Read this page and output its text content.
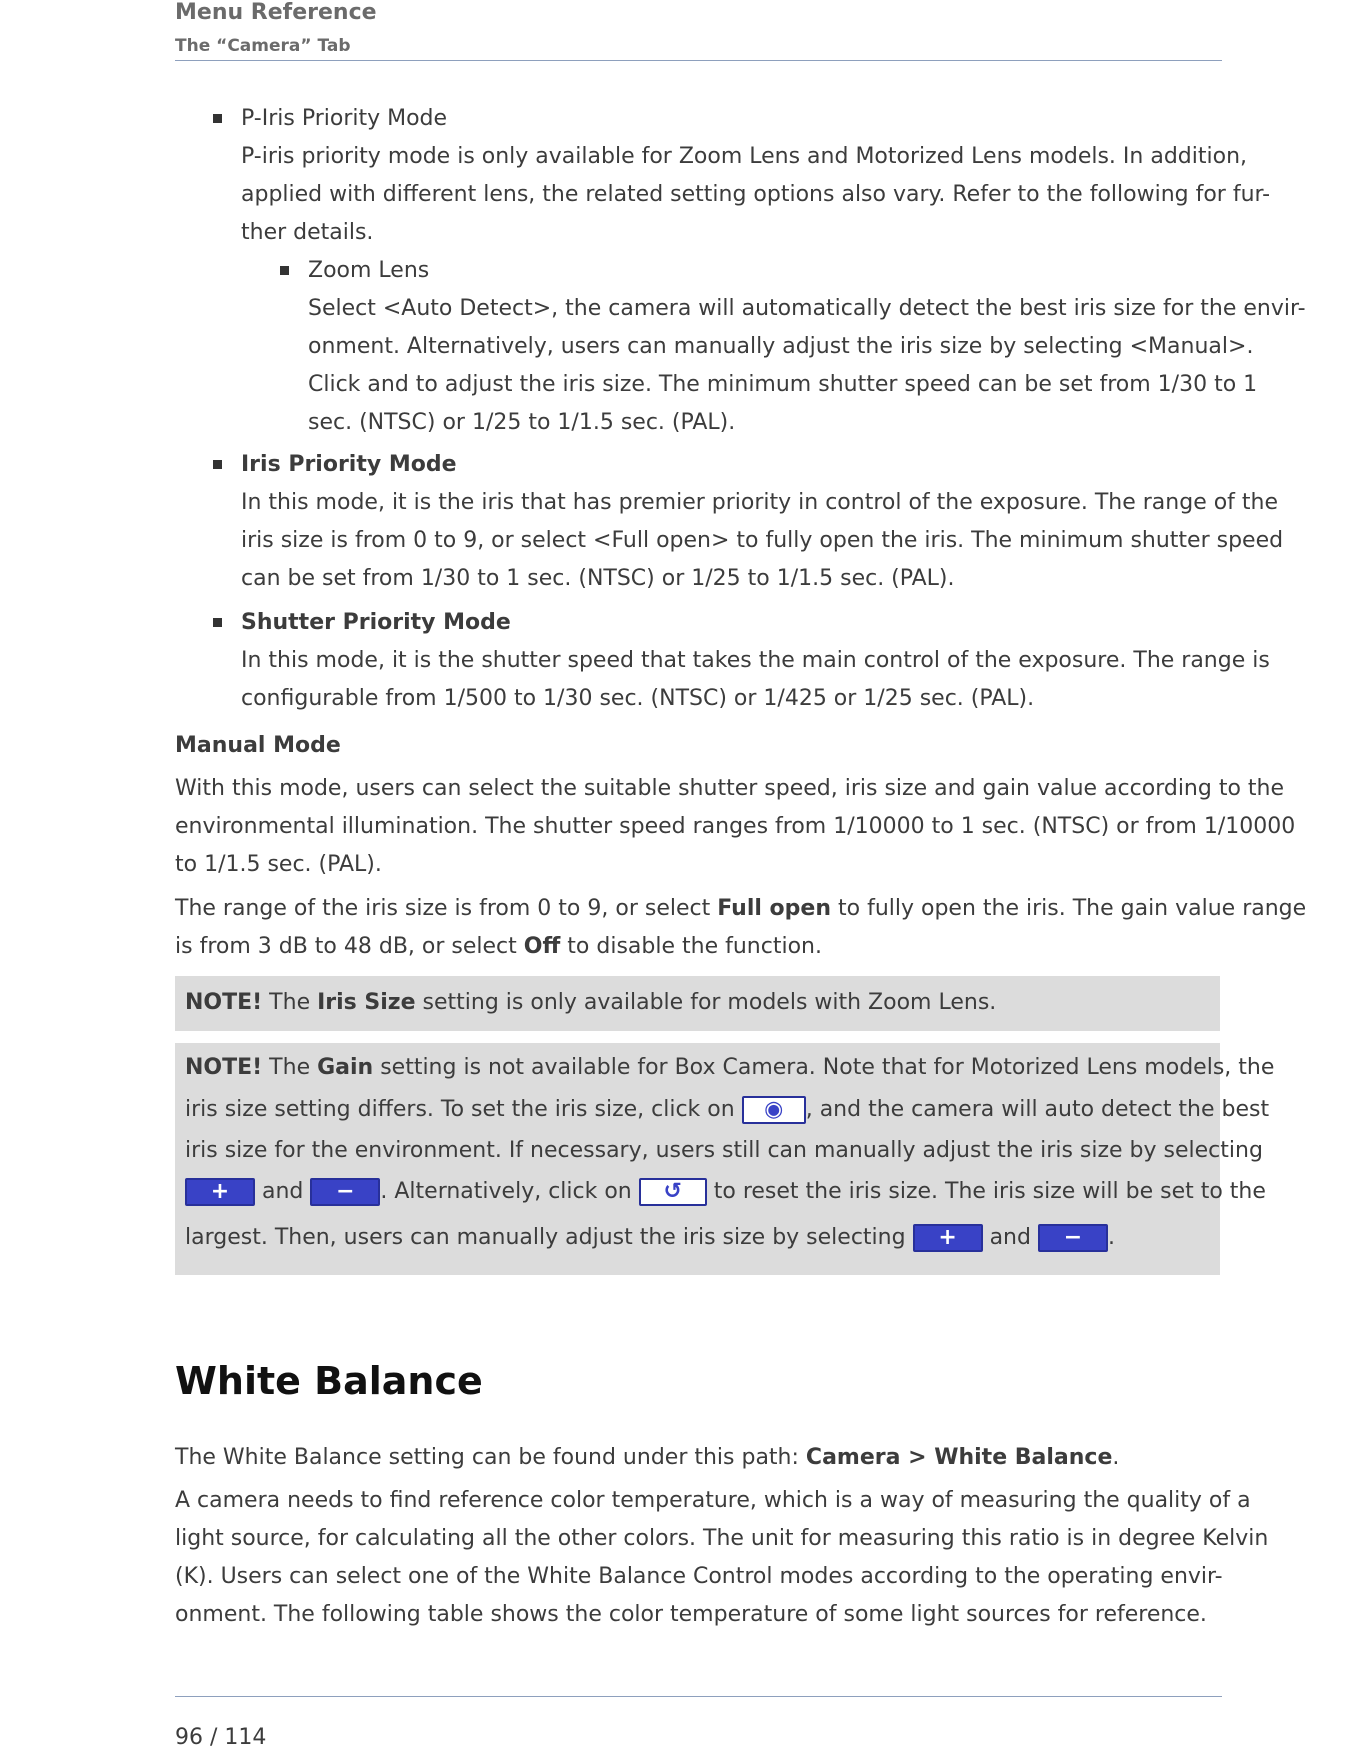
Menu Reference
The “Camera” Tab
P-Iris Priority Mode
P-iris priority mode is only available for Zoom Lens and Motorized Lens models. In addition,
applied with different lens, the related setting options also vary. Refer to the following for fur-
ther details.
Zoom Lens
Select <Auto Detect>, the camera will automatically detect the best iris size for the envir-
onment. Alternatively, users can manually adjust the iris size by selecting <Manual>.
Click and to adjust the iris size. The minimum shutter speed can be set from 1/30 to 1
sec. (NTSC) or 1/25 to 1/1.5 sec. (PAL).
Iris Priority Mode
In this mode, it is the iris that has premier priority in control of the exposure. The range of the
iris size is from 0 to 9, or select <Full open> to fully open the iris. The minimum shutter speed
can be set from 1/30 to 1 sec. (NTSC) or 1/25 to 1/1.5 sec. (PAL).
Shutter Priority Mode
In this mode, it is the shutter speed that takes the main control of the exposure. The range is
configurable from 1/500 to 1/30 sec. (NTSC) or 1/425 or 1/25 sec. (PAL).
Manual Mode
With this mode, users can select the suitable shutter speed, iris size and gain value according to the
environmental illumination. The shutter speed ranges from 1/10000 to 1 sec. (NTSC) or from 1/10000
to 1/1.5 sec. (PAL).
The range of the iris size is from 0 to 9, or select Full open to fully open the iris. The gain value range
is from 3 dB to 48 dB, or select Off to disable the function.
NOTE! The Iris Size setting is only available for models with Zoom Lens.
NOTE! The Gain setting is not available for Box Camera. Note that for Motorized Lens models, the
iris size setting differs. To set the iris size, click on	◉	, and the camera will auto detect the best
iris size for the environment. If necessary, users still can manually adjust the iris size by selecting
+	and	−	. Alternatively, click on	↺	to reset the iris size. The iris size will be set to the
largest. Then, users can manually adjust the iris size by selecting	+	and	−	.
White Balance
The White Balance setting can be found under this path: Camera > White Balance.
A camera needs to find reference color temperature, which is a way of measuring the quality of a
light source, for calculating all the other colors. The unit for measuring this ratio is in degree Kelvin
(K). Users can select one of the White Balance Control modes according to the operating envir-
onment. The following table shows the color temperature of some light sources for reference.
96 / 114
